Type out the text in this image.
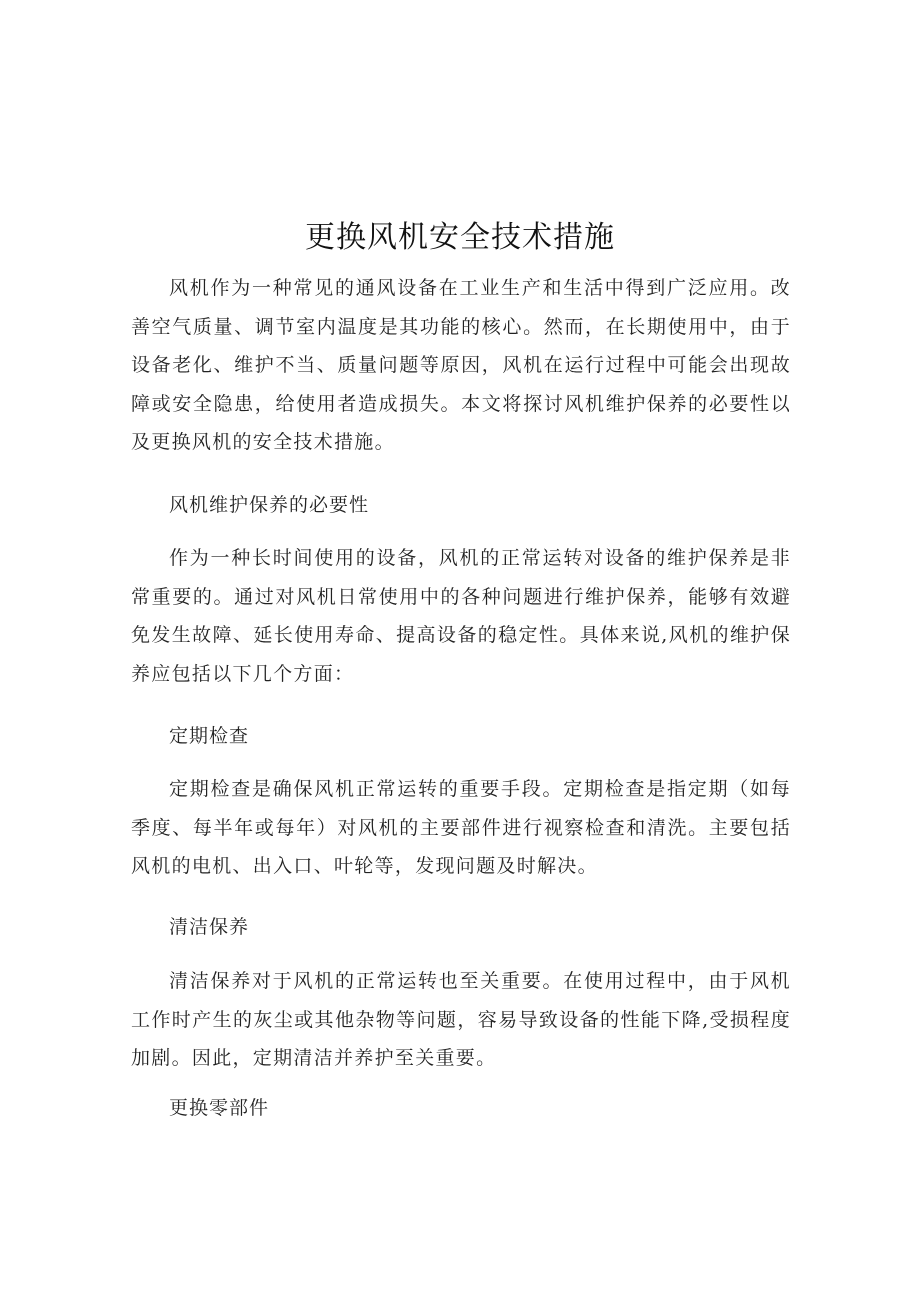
更换风机安全技术措施

风机作为一种常见的通风设备在工业生产和生活中得到广泛应用。改善空气质量、调节室内温度是其功能的核心。然而，在长期使用中，由于设备老化、维护不当、质量问题等原因，风机在运行过程中可能会出现故障或安全隐患，给使用者造成损失。本文将探讨风机维护保养的必要性以及更换风机的安全技术措施。

风机维护保养的必要性

作为一种长时间使用的设备，风机的正常运转对设备的维护保养是非常重要的。通过对风机日常使用中的各种问题进行维护保养，能够有效避免发生故障、延长使用寿命、提高设备的稳定性。具体来说,风机的维护保养应包括以下几个方面：

定期检查

定期检查是确保风机正常运转的重要手段。定期检查是指定期（如每季度、每半年或每年）对风机的主要部件进行视察检查和清洗。主要包括风机的电机、出入口、叶轮等，发现问题及时解决。

清洁保养

清洁保养对于风机的正常运转也至关重要。在使用过程中，由于风机工作时产生的灰尘或其他杂物等问题，容易导致设备的性能下降,受损程度加剧。因此，定期清洁并养护至关重要。

更换零部件
